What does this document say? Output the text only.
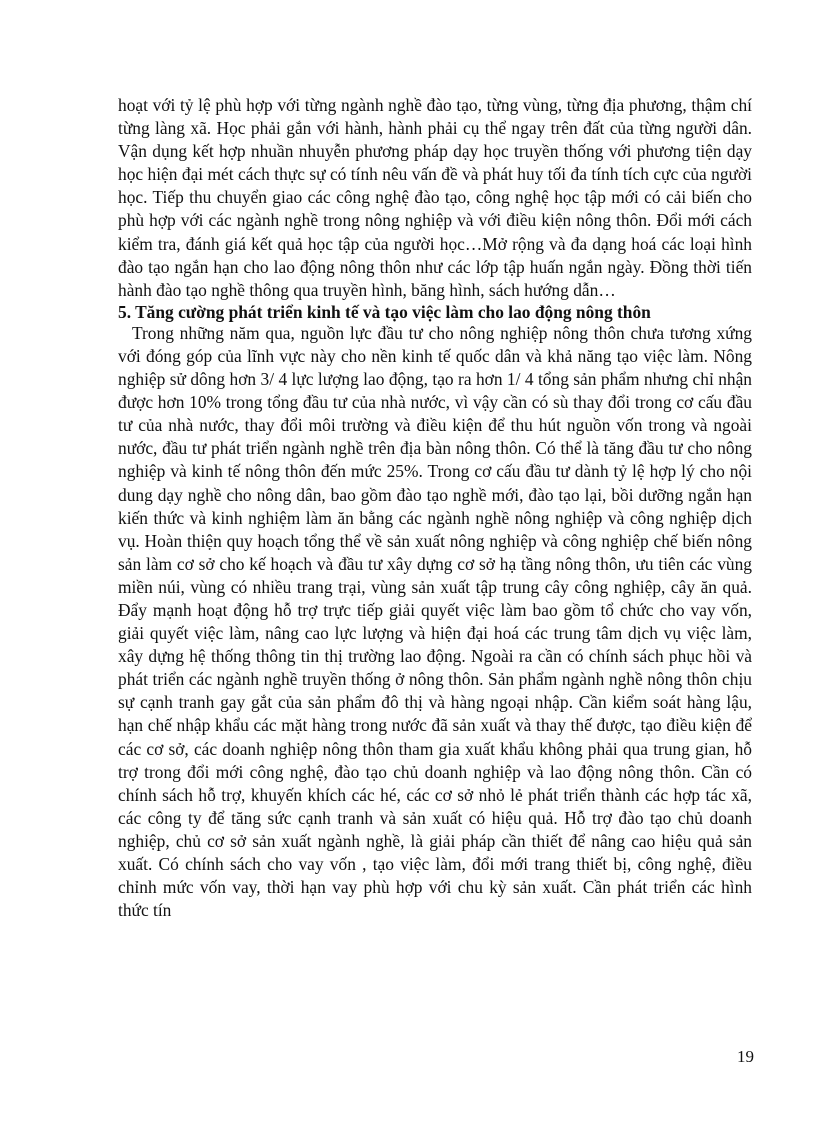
hoạt với tỷ lệ phù hợp với từng ngành nghề đào tạo, từng vùng, từng địa phương, thậm chí từng làng xã. Học phải gắn với hành, hành phải cụ thể ngay trên đất của từng người dân. Vận dụng kết hợp nhuần nhuyễn phương pháp dạy học truyền thống với phương tiện dạy học hiện đại mét cách thực sự có tính nêu vấn đề và phát huy tối đa tính tích cực của người học. Tiếp thu chuyển giao các công nghệ đào tạo, công nghệ học tập mới có cải biến cho phù hợp với các ngành nghề trong nông nghiệp và với điều kiện nông thôn. Đổi mới cách kiểm tra, đánh giá kết quả học tập của người học…Mở rộng và đa dạng hoá các loại hình đào tạo ngắn hạn cho lao động nông thôn như các lớp tập huấn ngắn ngày. Đồng thời tiến hành đào tạo nghề thông qua truyền hình, băng hình, sách hướng dẫn…

5. Tăng cường phát triển kinh tế và tạo việc làm cho lao động nông thôn

Trong những năm qua, nguồn lực đầu tư cho nông nghiệp nông thôn chưa tương xứng với đóng góp của lĩnh vực này cho nền kinh tế quốc dân và khả năng tạo việc làm. Nông nghiệp sử dông hơn 3/ 4 lực lượng lao động, tạo ra hơn 1/ 4 tổng sản phẩm nhưng chỉ nhận được hơn 10% trong tổng đầu tư của nhà nước, vì vậy cần có sù thay đổi trong cơ cấu đầu tư của nhà nước, thay đổi môi trường và điều kiện để thu hút nguồn vốn trong và ngoài nước, đầu tư phát triển ngành nghề trên địa bàn nông thôn. Có thể là tăng đầu tư cho nông nghiệp và kinh tế nông thôn đến mức 25%. Trong cơ cấu đầu tư dành tỷ lệ hợp lý cho nội dung dạy nghề cho nông dân, bao gồm đào tạo nghề mới, đào tạo lại, bồi dưỡng ngắn hạn kiến thức và kinh nghiệm làm ăn bằng các ngành nghề nông nghiệp và công nghiệp dịch vụ. Hoàn thiện quy hoạch tổng thể về sản xuất nông nghiệp và công nghiệp chế biến nông sản làm cơ sở cho kế hoạch và đầu tư xây dựng cơ sở hạ tầng nông thôn, ưu tiên các vùng miền núi, vùng có nhiều trang trại, vùng sản xuất tập trung cây công nghiệp, cây ăn quả. Đẩy mạnh hoạt động hỗ trợ trực tiếp giải quyết việc làm bao gồm tổ chức cho vay vốn, giải quyết việc làm, nâng cao lực lượng và hiện đại hoá các trung tâm dịch vụ việc làm, xây dựng hệ thống thông tin thị trường lao động. Ngoài ra cần có chính sách phục hồi và phát triển các ngành nghề truyền thống ở nông thôn. Sản phẩm ngành nghề nông thôn chịu sự cạnh tranh gay gắt của sản phẩm đô thị và hàng ngoại nhập. Cần kiểm soát hàng lậu, hạn chế nhập khẩu các mặt hàng trong nước đã sản xuất và thay thế được, tạo điều kiện để các cơ sở, các doanh nghiệp nông thôn tham gia xuất khẩu không phải qua trung gian, hỗ trợ trong đổi mới công nghệ, đào tạo chủ doanh nghiệp và lao động nông thôn. Cần có chính sách hỗ trợ, khuyến khích các hé, các cơ sở nhỏ lẻ phát triển thành các hợp tác xã, các công ty để tăng sức cạnh tranh và sản xuất có hiệu quả. Hỗ trợ đào tạo chủ doanh nghiệp, chủ cơ sở sản xuất ngành nghề, là giải pháp cần thiết để nâng cao hiệu quả sản xuất. Có chính sách cho vay vốn , tạo việc làm, đổi mới trang thiết bị, công nghệ, điều chỉnh mức vốn vay, thời hạn vay phù hợp với chu kỳ sản xuất. Cần phát triển các hình thức tín

19
